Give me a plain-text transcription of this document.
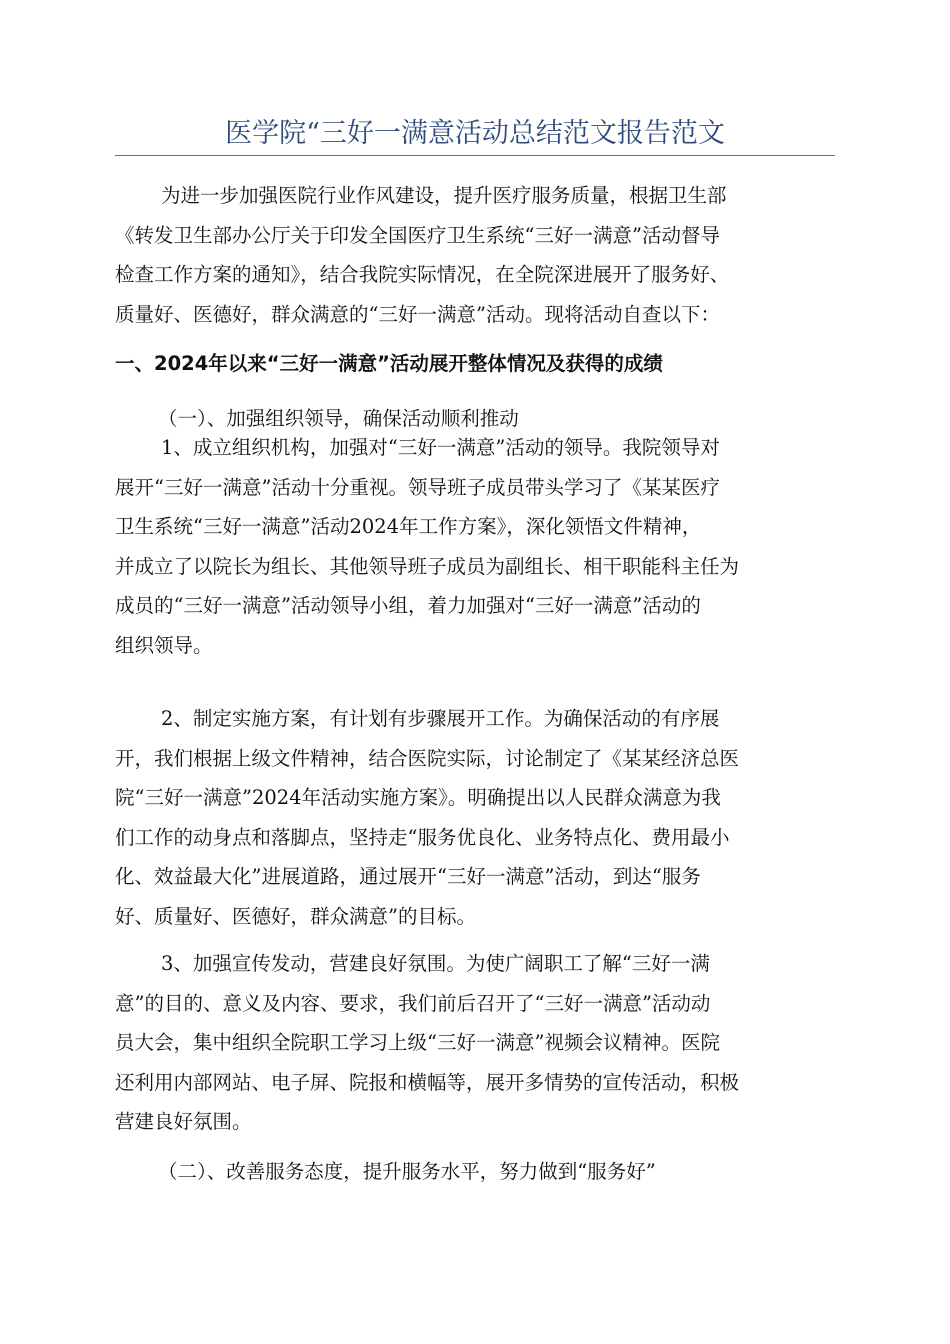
医学院“三好一满意活动总结范文报告范文
为进一步加强医院行业作风建设，提升医疗服务质量，根据卫生部
《转发卫生部办公厅关于印发全国医疗卫生系统“三好一满意”活动督导
检查工作方案的通知》，结合我院实际情况，在全院深进展开了服务好、
质量好、医德好，群众满意的“三好一满意”活动。现将活动自查以下：
一、2024年以来“三好一满意”活动展开整体情况及获得的成绩
（一）、加强组织领导，确保活动顺利推动
1、成立组织机构，加强对“三好一满意”活动的领导。我院领导对
展开“三好一满意”活动十分重视。领导班子成员带头学习了《某某医疗
卫生系统“三好一满意”活动2024年工作方案》，深化领悟文件精神，
并成立了以院长为组长、其他领导班子成员为副组长、相干职能科主任为
成员的“三好一满意”活动领导小组，着力加强对“三好一满意”活动的
组织领导。
2、制定实施方案，有计划有步骤展开工作。为确保活动的有序展
开，我们根据上级文件精神，结合医院实际，讨论制定了《某某经济总医
院“三好一满意”2024年活动实施方案》。明确提出以人民群众满意为我
们工作的动身点和落脚点，坚持走“服务优良化、业务特点化、费用最小
化、效益最大化”进展道路，通过展开“三好一满意”活动，到达“服务
好、质量好、医德好，群众满意”的目标。
3、加强宣传发动，营建良好氛围。为使广阔职工了解“三好一满
意”的目的、意义及内容、要求，我们前后召开了“三好一满意”活动动
员大会，集中组织全院职工学习上级“三好一满意”视频会议精神。医院
还利用内部网站、电子屏、院报和横幅等，展开多情势的宣传活动，积极
营建良好氛围。
（二）、改善服务态度，提升服务水平，努力做到“服务好”
